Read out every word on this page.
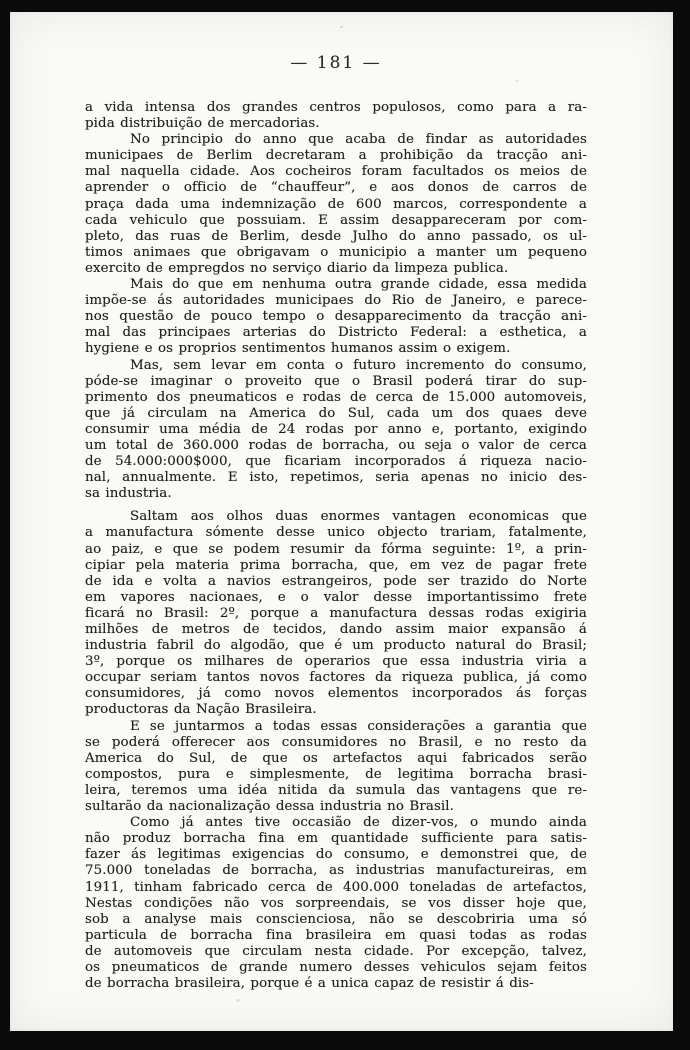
— 181 —
a vida intensa dos grandes centros populosos, como para a ra-
pida distribuição de mercadorias.
No principio do anno que acaba de findar as autoridades
municipaes de Berlim decretaram a prohibição da tracção ani-
mal naquella cidade. Aos cocheiros foram facultados os meios de
aprender o officio de “chauffeur”, e aos donos de carros de
praça dada uma indemnização de 600 marcos, correspondente a
cada vehiculo que possuiam. E assim desappareceram por com-
pleto, das ruas de Berlim, desde Julho do anno passado, os ul-
timos animaes que obrigavam o municipio a manter um pequeno
exercito de empregdos no serviço diario da limpeza publica.
Mais do que em nenhuma outra grande cidade, essa medida
impõe-se ás autoridades municipaes do Rio de Janeiro, e parece-
nos questão de pouco tempo o desapparecimento da tracção ani-
mal das principaes arterias do Districto Federal: a esthetica, a
hygiene e os proprios sentimentos humanos assim o exigem.
Mas, sem levar em conta o futuro incremento do consumo,
póde-se imaginar o proveito que o Brasil poderá tirar do sup-
primento dos pneumaticos e rodas de cerca de 15.000 automoveis,
que já circulam na America do Sul, cada um dos quaes deve
consumir uma média de 24 rodas por anno e, portanto, exigindo
um total de 360.000 rodas de borracha, ou seja o valor de cerca
de 54.000:000$000, que ficariam incorporados á riqueza nacio-
nal, annualmente. E isto, repetimos, seria apenas no inicio des-
sa industria.
Saltam aos olhos duas enormes vantagen economicas que
a manufactura sómente desse unico objecto trariam, fatalmente,
ao paiz, e que se podem resumir da fórma seguinte: 1º, a prin-
cipiar pela materia prima borracha, que, em vez de pagar frete
de ida e volta a navios estrangeiros, pode ser trazido do Norte
em vapores nacionaes, e o valor desse importantissimo frete
ficará no Brasil: 2º, porque a manufactura dessas rodas exigiria
milhões de metros de tecidos, dando assim maior expansão á
industria fabril do algodão, que é um producto natural do Brasil;
3º, porque os milhares de operarios que essa industria viria a
occupar seriam tantos novos factores da riqueza publica, já como
consumidores, já como novos elementos incorporados ás forças
productoras da Nação Brasileira.
E se juntarmos a todas essas considerações a garantia que
se poderá offerecer aos consumidores no Brasil, e no resto da
America do Sul, de que os artefactos aqui fabricados serão
compostos, pura e simplesmente, de legitima borracha brasi-
leira, teremos uma idéa nitida da sumula das vantagens que re-
sultarão da nacionalização dessa industria no Brasil.
Como já antes tive occasião de dizer-vos, o mundo ainda
não produz borracha fina em quantidade sufficiente para satis-
fazer ás legitimas exigencias do consumo, e demonstrei que, de
75.000 toneladas de borracha, as industrias manufactureiras, em
1911, tinham fabricado cerca de 400.000 toneladas de artefactos,
Nestas condições não vos sorpreendais, se vos disser hoje que,
sob a analyse mais conscienciosa, não se descobriria uma só
particula de borracha fina brasileira em quasi todas as rodas
de automoveis que circulam nesta cidade. Por excepção, talvez,
os pneumaticos de grande numero desses vehiculos sejam feitos
de borracha brasileira, porque é a unica capaz de resistir á dis-
